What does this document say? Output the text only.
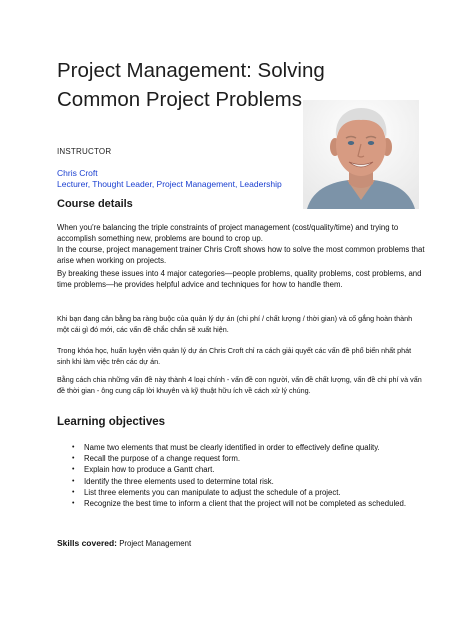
Project Management: Solving Common Project Problems
INSTRUCTOR
Chris Croft
Lecturer, Thought Leader, Project Management, Leadership
Course details

When you're balancing the triple constraints of project management (cost/quality/time) and trying to accomplish something new, problems are bound to crop up.

In the course, project management trainer Chris Croft shows how to solve the most common problems that arise when working on projects.

By breaking these issues into 4 major categories—people problems, quality problems, cost problems, and time problems—he provides helpful advice and techniques for how to handle them.

Khi bạn đang cân bằng ba ràng buộc của quản lý dự án (chi phí / chất lượng / thời gian) và cố gắng hoàn thành một cái gì đó mới, các vấn đề chắc chắn sẽ xuất hiện.

Trong khóa học, huấn luyện viên quản lý dự án Chris Croft chỉ ra cách giải quyết các vấn đề phổ biến nhất phát sinh khi làm việc trên các dự án.

Bằng cách chia những vấn đề này thành 4 loại chính - vấn đề con người, vấn đề chất lượng, vấn đề chi phí và vấn đề thời gian - ông cung cấp lời khuyên và kỹ thuật hữu ích về cách xử lý chúng.

Learning objectives
• Name two elements that must be clearly identified in order to effectively define quality.
• Recall the purpose of a change request form.
• Explain how to produce a Gantt chart.
• Identify the three elements used to determine total risk.
• List three elements you can manipulate to adjust the schedule of a project.
• Recognize the best time to inform a client that the project will not be completed as scheduled.
Skills covered: Project Management
